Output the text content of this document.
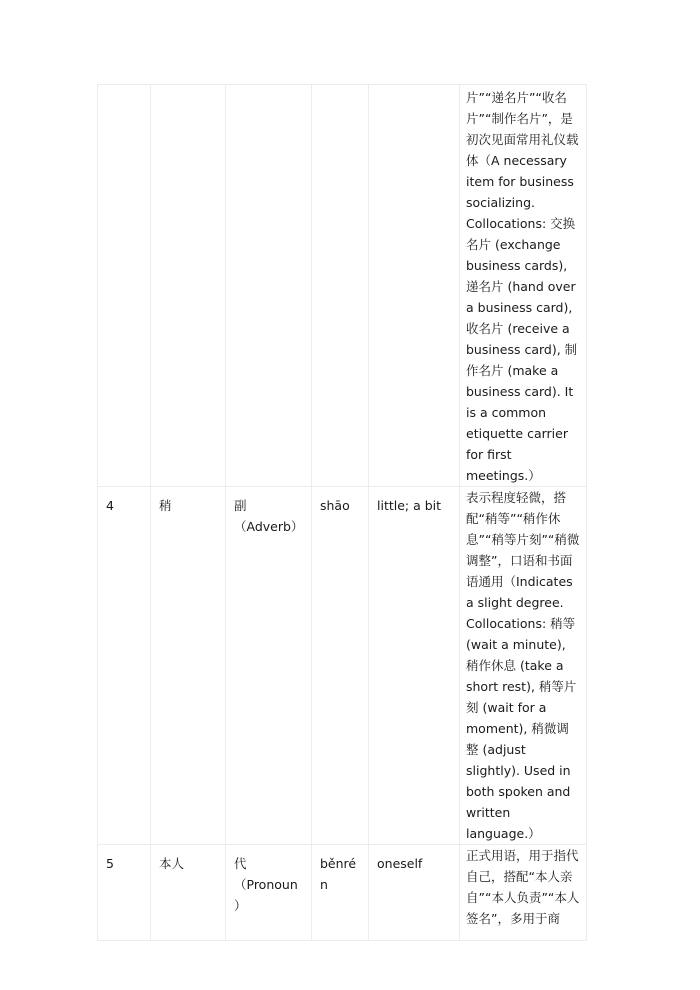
					片”“递名片”“收名片”“制作名片”，是初次见面常用礼仪载体（A necessary item for business socializing. Collocations: 交换名片 (exchange business cards), 递名片 (hand over a business card), 收名片 (receive a business card), 制作名片 (make a business card). It is a common etiquette carrier for first meetings.）
4	稍	副（Adverb）	shāo	little; a bit	表示程度轻微，搭配“稍等”“稍作休息”“稍等片刻”“稍微调整”，口语和书面语通用（Indicates a slight degree. Collocations: 稍等 (wait a minute), 稍作休息 (take a short rest), 稍等片刻 (wait for a moment), 稍微调整 (adjust slightly). Used in both spoken and written language.）
5	本人	代（Pronoun）	běnrén	oneself	正式用语，用于指代自己，搭配“本人亲自”“本人负责”“本人签名”，多用于商
